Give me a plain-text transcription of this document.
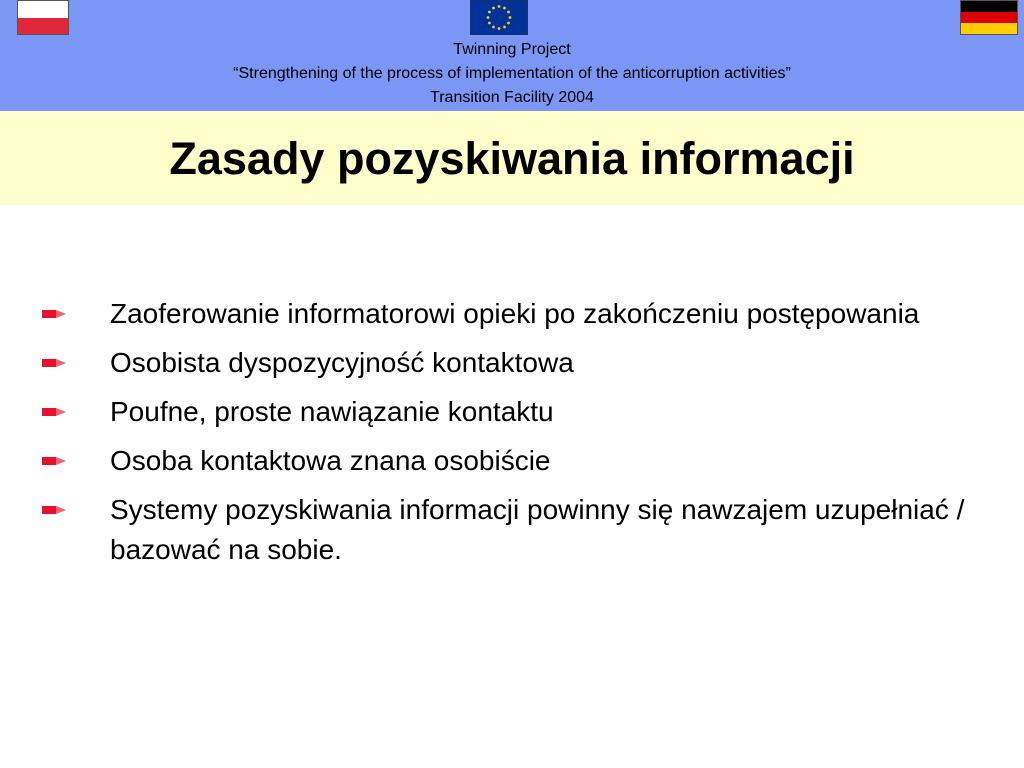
Twinning Project
“Strengthening of the process of implementation of the anticorruption activities”
Transition Facility 2004
Zasady pozyskiwania informacji
Zaoferowanie informatorowi opieki po zakończeniu postępowania
Osobista dyspozycyjność kontaktowa
Poufne, proste nawiązanie kontaktu
Osoba kontaktowa znana osobiście
Systemy pozyskiwania informacji powinny się nawzajem uzupełniać / bazować na sobie.
